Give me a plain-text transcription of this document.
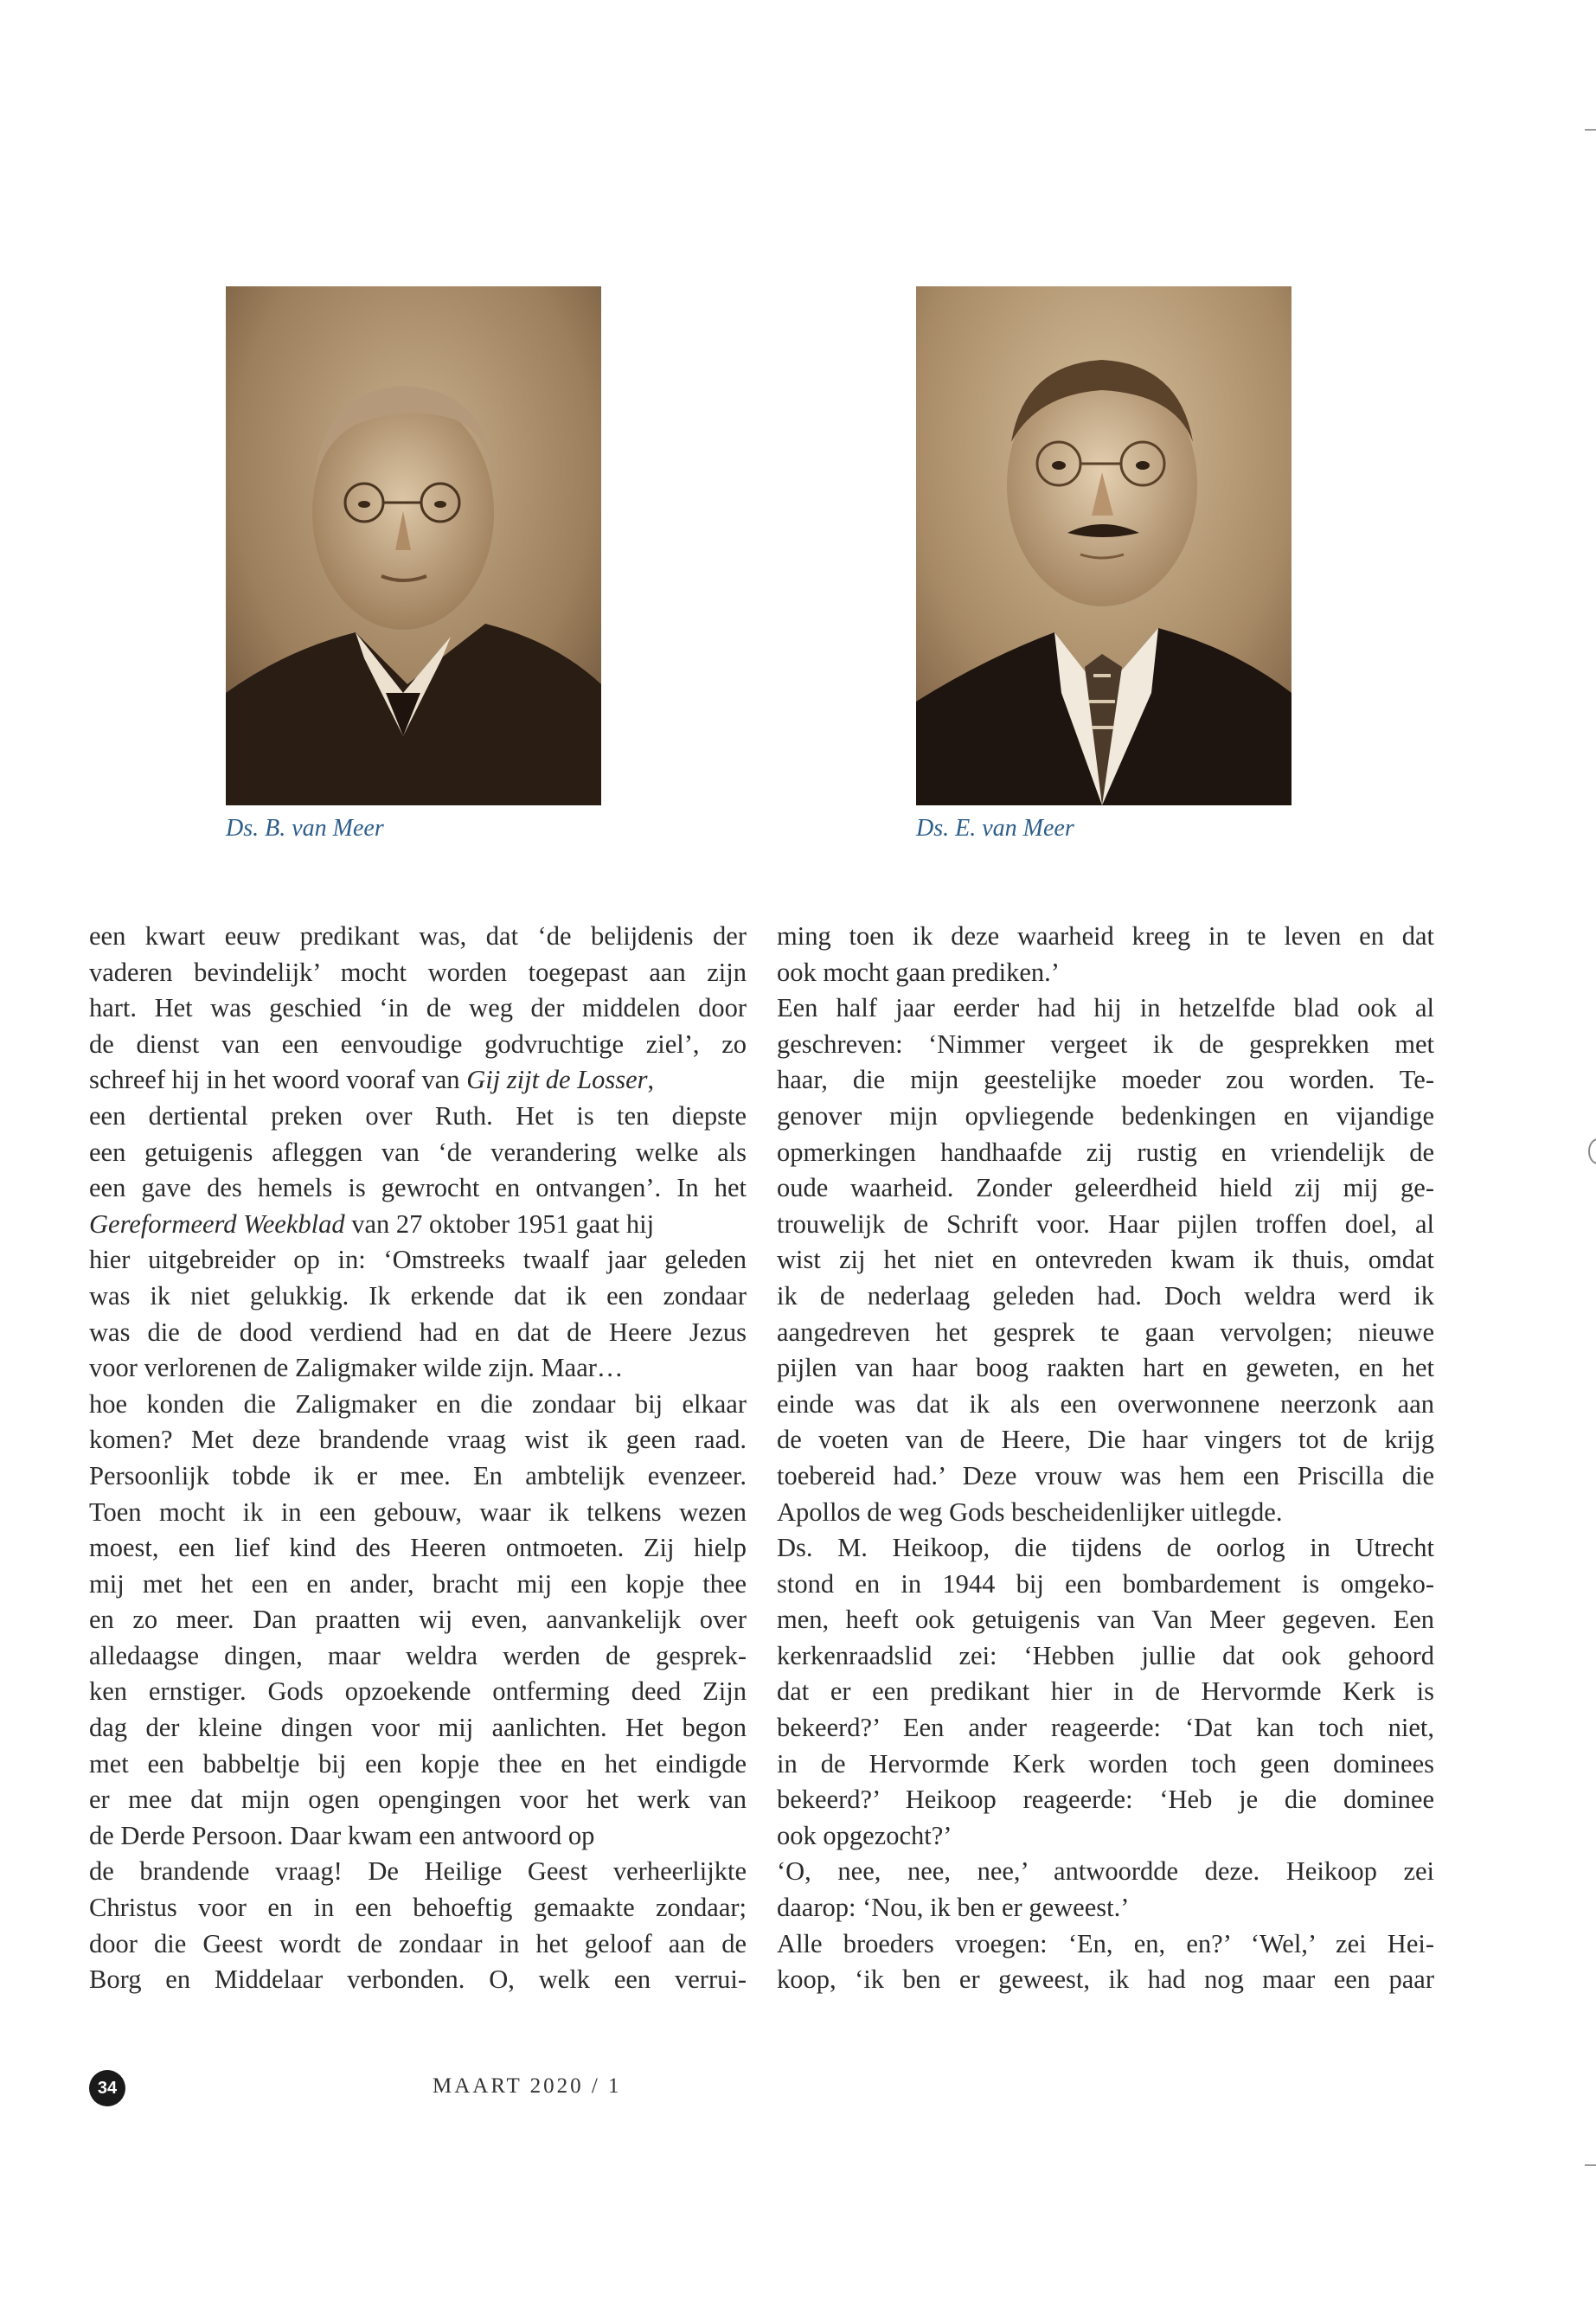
Ds. B. van Meer	Ds. E. van Meer
een kwart eeuw predikant was, dat ‘de belijdenis der
vaderen bevindelijk’ mocht worden toegepast aan zijn
hart. Het was geschied ‘in de weg der middelen door
de dienst van een eenvoudige godvruchtige ziel’, zo
schreef hij in het woord vooraf van Gij zijt de Losser,
een dertiental preken over Ruth. Het is ten diepste
een getuigenis afleggen van ‘de verandering welke als
een gave des hemels is gewrocht en ontvangen’. In het
Gereformeerd Weekblad van 27 oktober 1951 gaat hij
hier uitgebreider op in: ‘Omstreeks twaalf jaar geleden
was ik niet gelukkig. Ik erkende dat ik een zondaar
was die de dood verdiend had en dat de Heere Jezus
voor verlorenen de Zaligmaker wilde zijn. Maar…
hoe konden die Zaligmaker en die zondaar bij elkaar
komen? Met deze brandende vraag wist ik geen raad.
Persoonlijk tobde ik er mee. En ambtelijk evenzeer.
Toen mocht ik in een gebouw, waar ik telkens wezen
moest, een lief kind des Heeren ontmoeten. Zij hielp
mij met het een en ander, bracht mij een kopje thee
en zo meer. Dan praatten wij even, aanvankelijk over
alledaagse dingen, maar weldra werden de gesprek-
ken ernstiger. Gods opzoekende ontferming deed Zijn
dag der kleine dingen voor mij aanlichten. Het begon
met een babbeltje bij een kopje thee en het eindigde
er mee dat mijn ogen opengingen voor het werk van
de Derde Persoon. Daar kwam een antwoord op
de brandende vraag! De Heilige Geest verheerlijkte
Christus voor en in een behoeftig gemaakte zondaar;
door die Geest wordt de zondaar in het geloof aan de
Borg en Middelaar verbonden. O, welk een verrui-
ming toen ik deze waarheid kreeg in te leven en dat
ook mocht gaan prediken.’
Een half jaar eerder had hij in hetzelfde blad ook al
geschreven: ‘Nimmer vergeet ik de gesprekken met
haar, die mijn geestelijke moeder zou worden. Te-
genover mijn opvliegende bedenkingen en vijandige
opmerkingen handhaafde zij rustig en vriendelijk de
oude waarheid. Zonder geleerdheid hield zij mij ge-
trouwelijk de Schrift voor. Haar pijlen troffen doel, al
wist zij het niet en ontevreden kwam ik thuis, omdat
ik de nederlaag geleden had. Doch weldra werd ik
aangedreven het gesprek te gaan vervolgen; nieuwe
pijlen van haar boog raakten hart en geweten, en het
einde was dat ik als een overwonnene neerzonk aan
de voeten van de Heere, Die haar vingers tot de krijg
toebereid had.’ Deze vrouw was hem een Priscilla die
Apollos de weg Gods bescheidenlijker uitlegde.
Ds. M. Heikoop, die tijdens de oorlog in Utrecht
stond en in 1944 bij een bombardement is omgeko-
men, heeft ook getuigenis van Van Meer gegeven. Een
kerkenraadslid zei: ‘Hebben jullie dat ook gehoord
dat er een predikant hier in de Hervormde Kerk is
bekeerd?’ Een ander reageerde: ‘Dat kan toch niet,
in de Hervormde Kerk worden toch geen dominees
bekeerd?’ Heikoop reageerde: ‘Heb je die dominee
ook opgezocht?’
‘O, nee, nee, nee,’ antwoordde deze. Heikoop zei
daarop: ‘Nou, ik ben er geweest.’
Alle broeders vroegen: ‘En, en, en?’ ‘Wel,’ zei Hei-
koop, ‘ik ben er geweest, ik had nog maar een paar
34	MAART 2020 / 1
